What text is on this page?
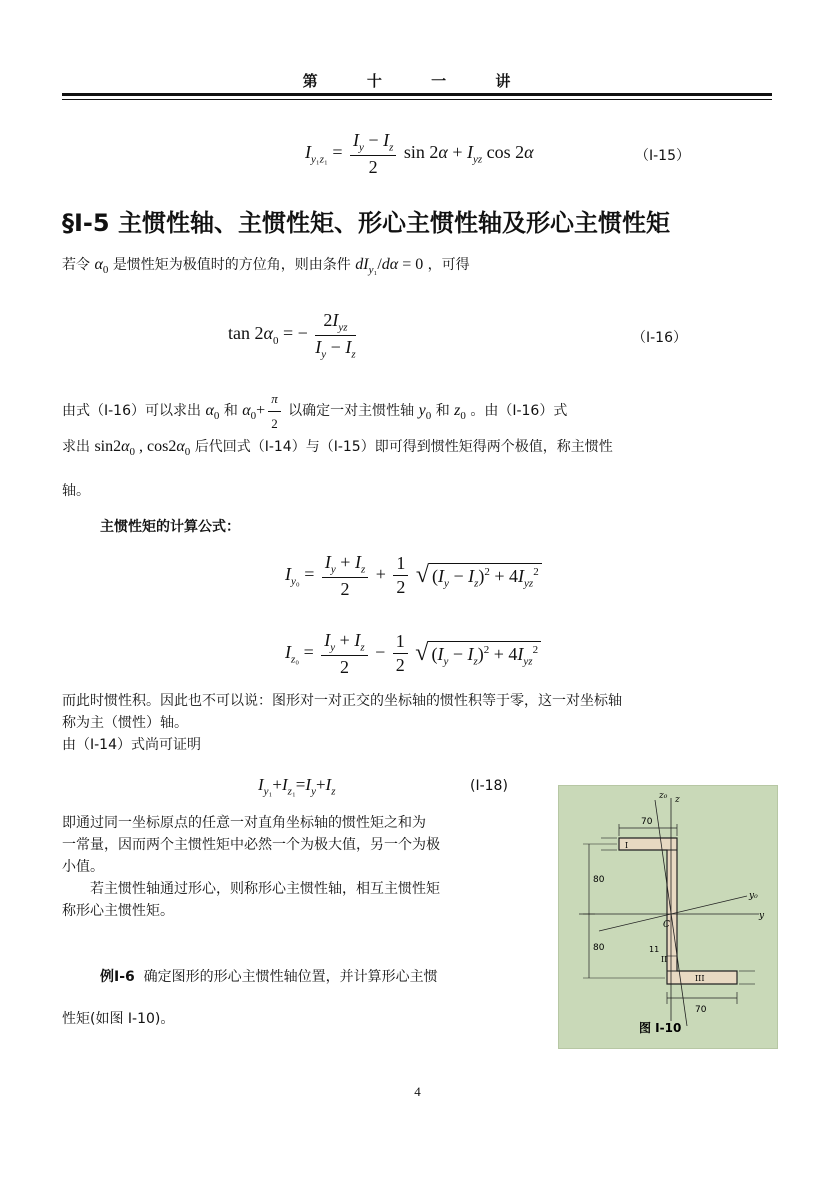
第 十 一 讲
$I_{y_1z_1} = \frac{I_y - I_z}{2}$ $\sin 2\alpha + I_{yz}$ cos 2α	（Ⅰ-15）
§Ⅰ-5 主惯性轴、主惯性矩、形心主惯性轴及形心主惯性矩
若令 $\alpha_0$ 是惯性矩为极值时的方位角，则由条件 $dI_{y_1}/d\alpha = 0$ ，可得
$\tan 2\alpha_0$ = − $\frac{2I_{yz}}{I_y - I_z}$	（Ⅰ-16）
由式（Ⅰ-16）可以求出 $\alpha_0$ 和 $\alpha_0+ \frac{\pi}{2}$ 以确定一对主惯性轴 $y_0$ 和 $z_0$ 。由（I-16）式
求出 $\sin 2\alpha_0$ , $\cos 2\alpha_0$ 后代回式（I-14）与（I-15）即可得到惯性矩得两个极值，称主惯性
轴。
主惯性矩的计算公式：
$I_{y_0} = \frac{I_y + I_z}{2} + \frac{1}{2}$ √ $(I_y - I_z)^2 + 4I_{yz}^2$
$I_{z_0} = \frac{I_y + I_z}{2} - \frac{1}{2}$ √ $(I_y - I_z)^2 + 4I_{yz}^2$
而此时惯性积。因此也不可以说：图形对一对正交的坐标轴的惯性积等于零，这一对坐标轴
称为主（惯性）轴。
由（I-14）式尚可证明
$I_{y_1}+I_{z_1}=I_y+I_z$	(I-18)
即通过同一坐标原点的任意一对直角坐标轴的惯性矩之和为
一常量，因而两个主惯性矩中必然一个为极大值，另一个为极
小值。
若主惯性轴通过形心，则称形心主惯性轴，相互主惯性矩
称形心主惯性矩。
例Ⅰ-6 确定图形的形心主惯性轴位置，并计算形心主惯
性矩(如图 I-10)。
70
70
80
80
I
II
III
11
z₀ z
y₀
y
C
图 I-10
4
